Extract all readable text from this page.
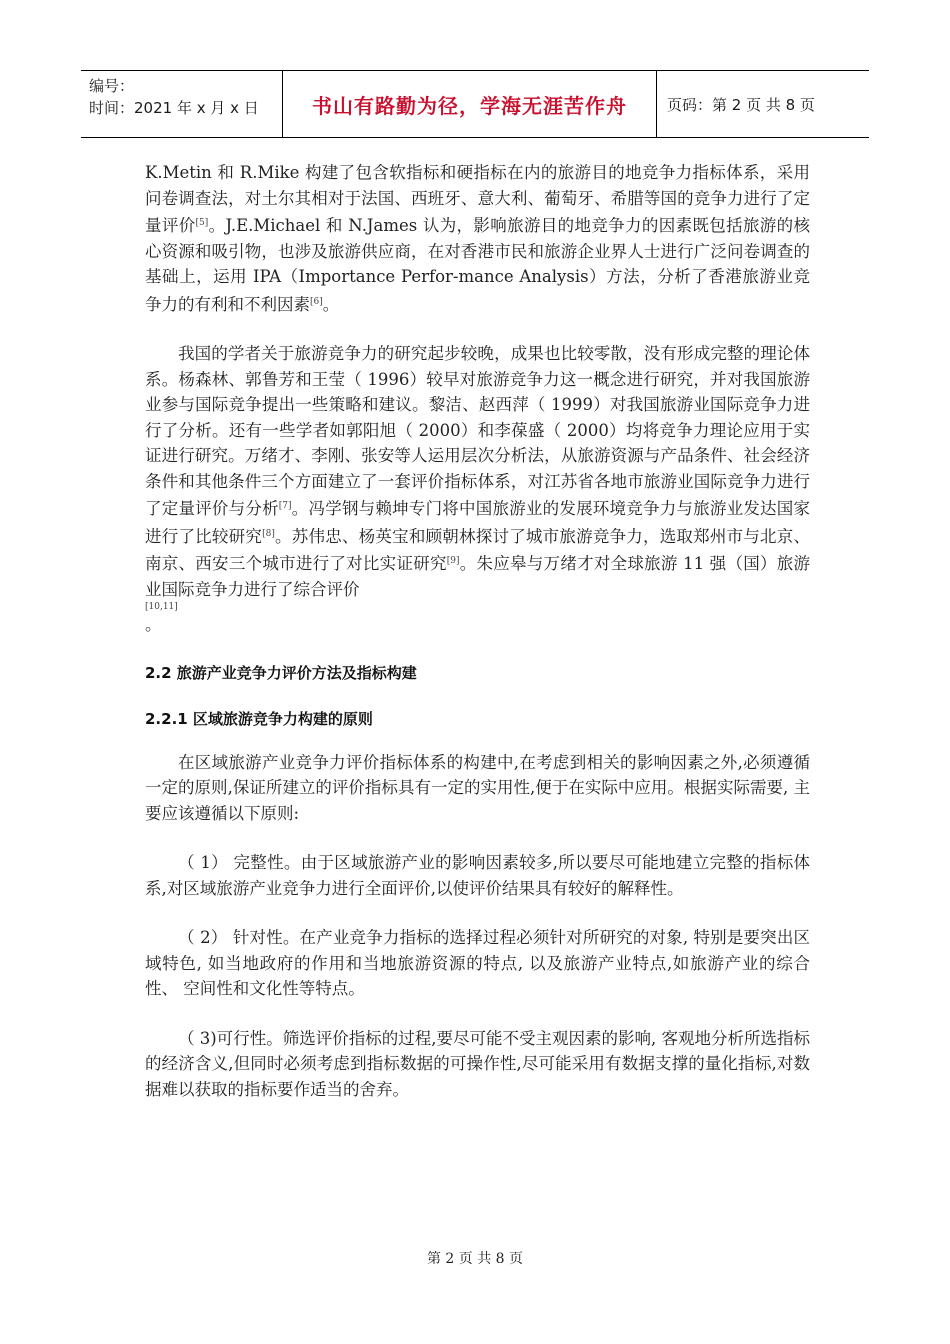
编号：
时间：2021 年 x 月 x 日	书山有路勤为径，学海无涯苦作舟	页码：第 2 页 共 8 页

K.Metin 和 R.Mike 构建了包含软指标和硬指标在内的旅游目的地竞争力指标体系，采用问卷调查法，对土尔其相对于法国、西班牙、意大利、葡萄牙、希腊等国的竞争力进行了定量评价[5]。J.E.Michael 和 N.James 认为，影响旅游目的地竞争力的因素既包括旅游的核心资源和吸引物，也涉及旅游供应商，在对香港市民和旅游企业界人士进行广泛问卷调查的基础上，运用 IPA（Importance Perfor-mance Analysis）方法，分析了香港旅游业竞争力的有利和不利因素[6]。

我国的学者关于旅游竞争力的研究起步较晚，成果也比较零散，没有形成完整的理论体系。杨森林、郭鲁芳和王莹（ 1996）较早对旅游竞争力这一概念进行研究，并对我国旅游业参与国际竞争提出一些策略和建议。黎洁、赵西萍（ 1999）对我国旅游业国际竞争力进行了分析。还有一些学者如郭阳旭（ 2000）和李葆盛（ 2000）均将竞争力理论应用于实证进行研究。万绪才、李刚、张安等人运用层次分析法，从旅游资源与产品条件、社会经济条件和其他条件三个方面建立了一套评价指标体系，对江苏省各地市旅游业国际竞争力进行了定量评价与分析[7]。冯学钢与赖坤专门将中国旅游业的发展环境竞争力与旅游业发达国家进行了比较研究[8]。苏伟忠、杨英宝和顾朝林探讨了城市旅游竞争力，选取郑州市与北京、南京、西安三个城市进行了对比实证研究[9]。朱应皋与万绪才对全球旅游 11 强（国）旅游业国际竞争力进行了综合评价

[10,11]
。

2.2 旅游产业竞争力评价方法及指标构建

2.2.1 区域旅游竞争力构建的原则

在区域旅游产业竞争力评价指标体系的构建中,在考虑到相关的影响因素之外,必须遵循一定的原则,保证所建立的评价指标具有一定的实用性,便于在实际中应用。根据实际需要, 主要应该遵循以下原则:

（ 1） 完整性。由于区域旅游产业的影响因素较多,所以要尽可能地建立完整的指标体系,对区域旅游产业竞争力进行全面评价,以使评价结果具有较好的解释性。

（ 2） 针对性。在产业竞争力指标的选择过程必须针对所研究的对象, 特别是要突出区域特色, 如当地政府的作用和当地旅游资源的特点, 以及旅游产业特点,如旅游产业的综合性、 空间性和文化性等特点。

（ 3)可行性。筛选评价指标的过程,要尽可能不受主观因素的影响, 客观地分析所选指标的经济含义,但同时必须考虑到指标数据的可操作性,尽可能采用有数据支撑的量化指标,对数据难以获取的指标要作适当的舍弃。

第 2 页 共 8 页
